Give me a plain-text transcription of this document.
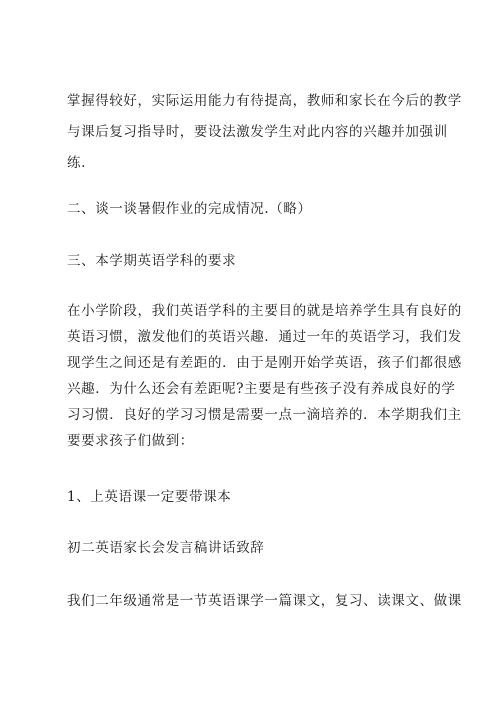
掌握得较好，实际运用能力有待提高，教师和家长在今后的教学
与课后复习指导时，要设法激发学生对此内容的兴趣并加强训
练.
二、谈一谈暑假作业的完成情况.（略）
三、本学期英语学科的要求
在小学阶段，我们英语学科的主要目的就是培养学生具有良好的
英语习惯，激发他们的英语兴趣．通过一年的英语学习，我们发
现学生之间还是有差距的．由于是刚开始学英语，孩子们都很感
兴趣．为什么还会有差距呢?主要是有些孩子没有养成良好的学
习习惯．良好的学习习惯是需要一点一滴培养的．本学期我们主
要要求孩子们做到：
1、上英语课一定要带课本
初二英语家长会发言稿讲话致辞
我们二年级通常是一节英语课学一篇课文，复习、读课文、做课
